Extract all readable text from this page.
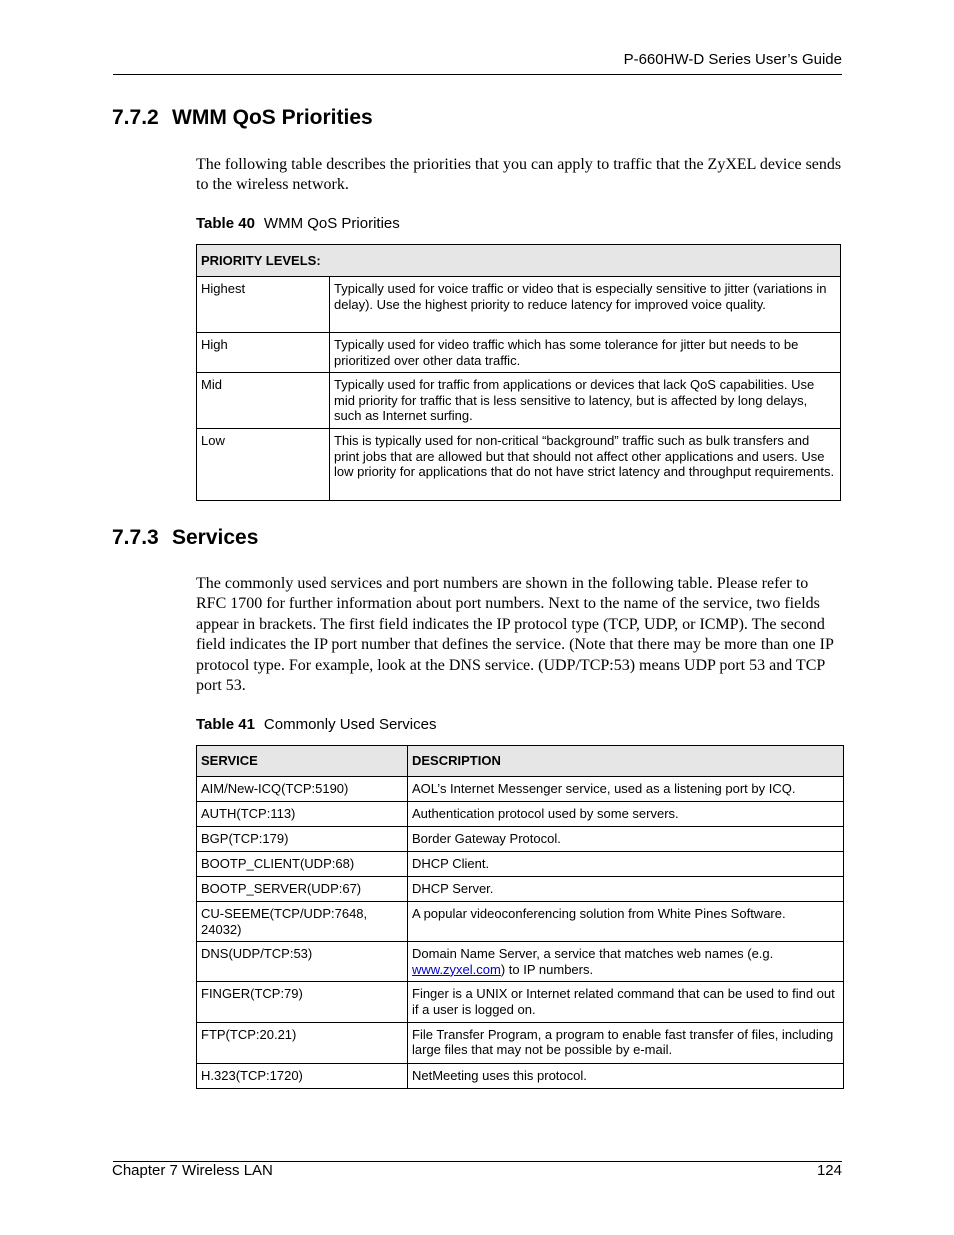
P-660HW-D Series User’s Guide
7.7.2 WMM QoS Priorities

The following table describes the priorities that you can apply to traffic that the ZyXEL device sends to the wireless network.

Table 40 WMM QoS Priorities
PRIORITY LEVELS:	
Highest	Typically used for voice traffic or video that is especially sensitive to jitter (variations in delay). Use the highest priority to reduce latency for improved voice quality.
High	Typically used for video traffic which has some tolerance for jitter but needs to be prioritized over other data traffic.
Mid	Typically used for traffic from applications or devices that lack QoS capabilities. Use mid priority for traffic that is less sensitive to latency, but is affected by long delays, such as Internet surfing.
Low	This is typically used for non-critical “background” traffic such as bulk transfers and print jobs that are allowed but that should not affect other applications and users. Use low priority for applications that do not have strict latency and throughput requirements.
7.7.3 Services

The commonly used services and port numbers are shown in the following table. Please refer to RFC 1700 for further information about port numbers. Next to the name of the service, two fields appear in brackets. The first field indicates the IP protocol type (TCP, UDP, or ICMP). The second field indicates the IP port number that defines the service. (Note that there may be more than one IP protocol type. For example, look at the DNS service. (UDP/TCP:53) means UDP port 53 and TCP port 53.

Table 41 Commonly Used Services
SERVICE	DESCRIPTION
AIM/New-ICQ(TCP:5190)	AOL’s Internet Messenger service, used as a listening port by ICQ.
AUTH(TCP:113)	Authentication protocol used by some servers.
BGP(TCP:179)	Border Gateway Protocol.
BOOTP_CLIENT(UDP:68)	DHCP Client.
BOOTP_SERVER(UDP:67)	DHCP Server.
CU-SEEME(TCP/UDP:7648, 24032)	A popular videoconferencing solution from White Pines Software.
DNS(UDP/TCP:53)	Domain Name Server, a service that matches web names (e.g. www.zyxel.com) to IP numbers.
FINGER(TCP:79)	Finger is a UNIX or Internet related command that can be used to find out if a user is logged on.
FTP(TCP:20.21)	File Transfer Program, a program to enable fast transfer of files, including large files that may not be possible by e-mail.
H.323(TCP:1720)	NetMeeting uses this protocol.
Chapter 7 Wireless LAN	124
